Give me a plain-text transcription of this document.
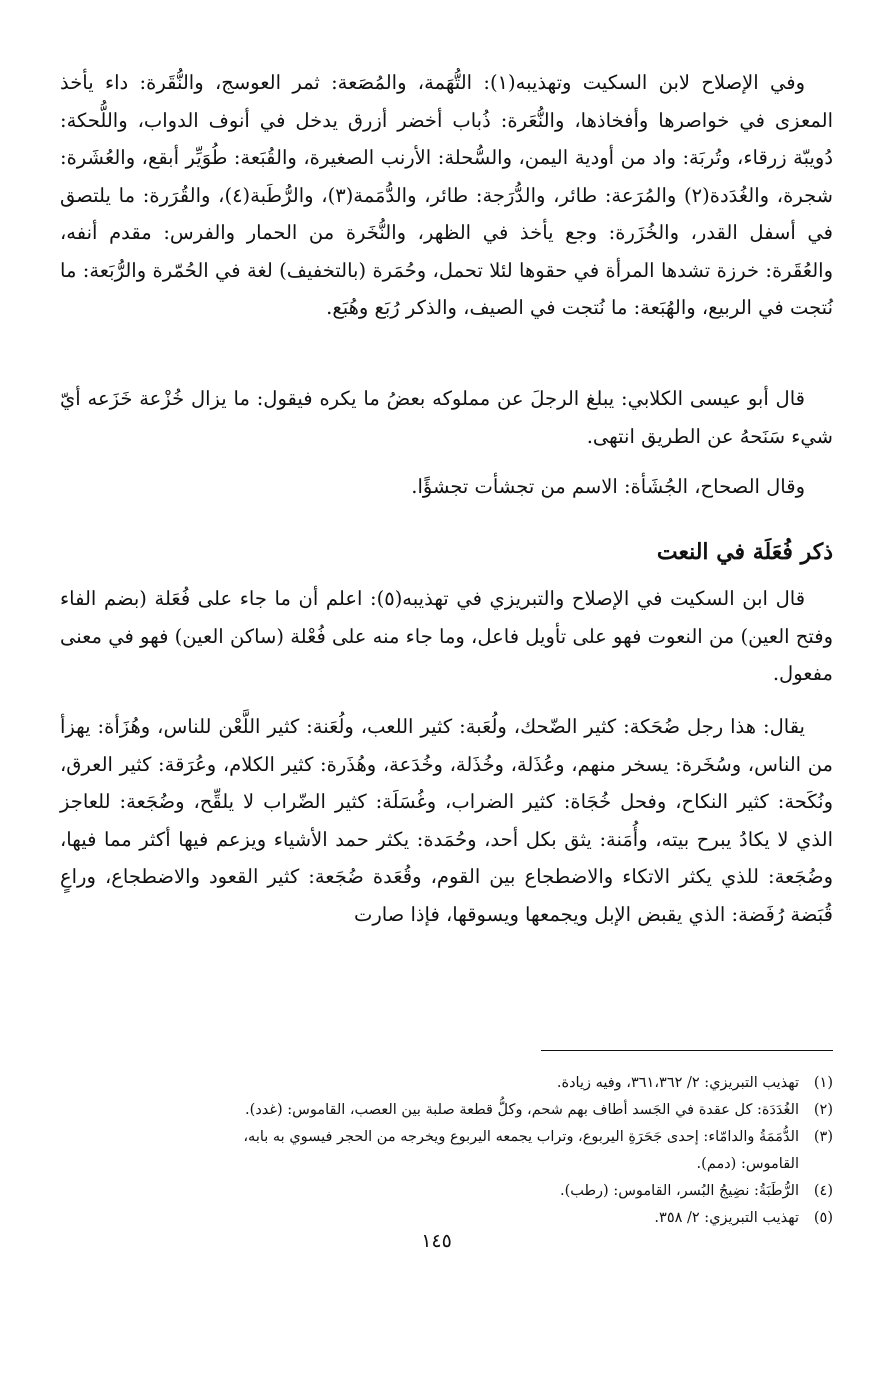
وفي الإصلاح لابن السكيت وتهذيبه(١): التُّهَمة، والمُصَعة: ثمر العوسج، والنُّقَرة: داء يأخذ المعزى في خواصرها وأفخاذها، والنُّعَرة: ذُباب أخضر أزرق يدخل في أنوف الدواب، واللُّحكة: دُويبّة زرقاء، وتُربَة: واد من أودية اليمن، والسُّحلة: الأرنب الصغيرة، والقُبَعة: طُوَيِّر أبقع، والعُشَرة: شجرة، والغُدَدة(٢) والمُرَعة: طائر، والدُّرَجة: طائر، والدُّمَمة(٣)، والرُّطَبة(٤)، والقُرَرة: ما يلتصق في أسفل القدر، والخُزَرة: وجع يأخذ في الظهر، والنُّخَرة من الحمار والفرس: مقدم أنفه، والعُقَرة: خرزة تشدها المرأة في حقوها لئلا تحمل، وحُمَرة (بالتخفيف) لغة في الحُمّرة والرُّبَعة: ما نُتجت في الربيع، والهُبَعة: ما نُتجت في الصيف، والذكر رُبَع وهُبَع.

قال أبو عيسى الكلابي: يبلغ الرجلَ عن مملوكه بعضُ ما يكره فيقول: ما يزال خُزْعة خَزَعه أيّ شيء سَنَحهُ عن الطريق انتهى.

وقال الصحاح، الجُشَأة: الاسم من تجشأت تجشؤًا.

ذكر فُعَلَة في النعت

قال ابن السكيت في الإصلاح والتبريزي في تهذيبه(٥): اعلم أن ما جاء على فُعَلة (بضم الفاء وفتح العين) من النعوت فهو على تأويل فاعل، وما جاء منه على فُعْلة (ساكن العين) فهو في معنى مفعول.

يقال: هذا رجل ضُحَكة: كثير الضّحك، ولُعَبة: كثير اللعب، ولُعَنة: كثير اللَّعْن للناس، وهُزَأة: يهزأ من الناس، وسُخَرة: يسخر منهم، وعُذَلة، وخُذَلة، وخُدَعة، وهُذَرة: كثير الكلام، وعُرَقة: كثير العرق، ونُكَحة: كثير النكاح، وفحل خُجَاة: كثير الضراب، وغُسَلَة: كثير الضّراب لا يلقِّح، وضُجَعة: للعاجز الذي لا يكادُ يبرح بيته، وأُمَنة: يثق بكل أحد، وحُمَدة: يكثر حمد الأشياء ويزعم فيها أكثر مما فيها، وضُجَعة: للذي يكثر الاتكاء والاضطجاع بين القوم، وقُعَدة ضُجَعة: كثير القعود والاضطجاع، وراعٍ قُبَضة رُفَضة: الذي يقبض الإبل ويجمعها ويسوقها، فإذا صارت

(١)تهذيب التبريزي: ٢/ ٣٦١،٣٦٢، وفيه زيادة.

(٢)الغُدَدَة: كل عقدة في الجَسد أطاف بهم شحم، وكلُّ قطعة صلبة بين العصب، القاموس: (غدد).

(٣)الدُّمَمَةُ والدامّاء: إحدى جَحَرَةِ اليربوع، وتراب يجمعه اليربوع ويخرجه من الحجر فيسوي به بابه،

القاموس: (دمم).

(٤)الرُّطَبَةُ: نضِيجُ البُسر، القاموس: (رطب).

(٥)تهذيب التبريزي: ٢/ ٣٥٨.

١٤٥
